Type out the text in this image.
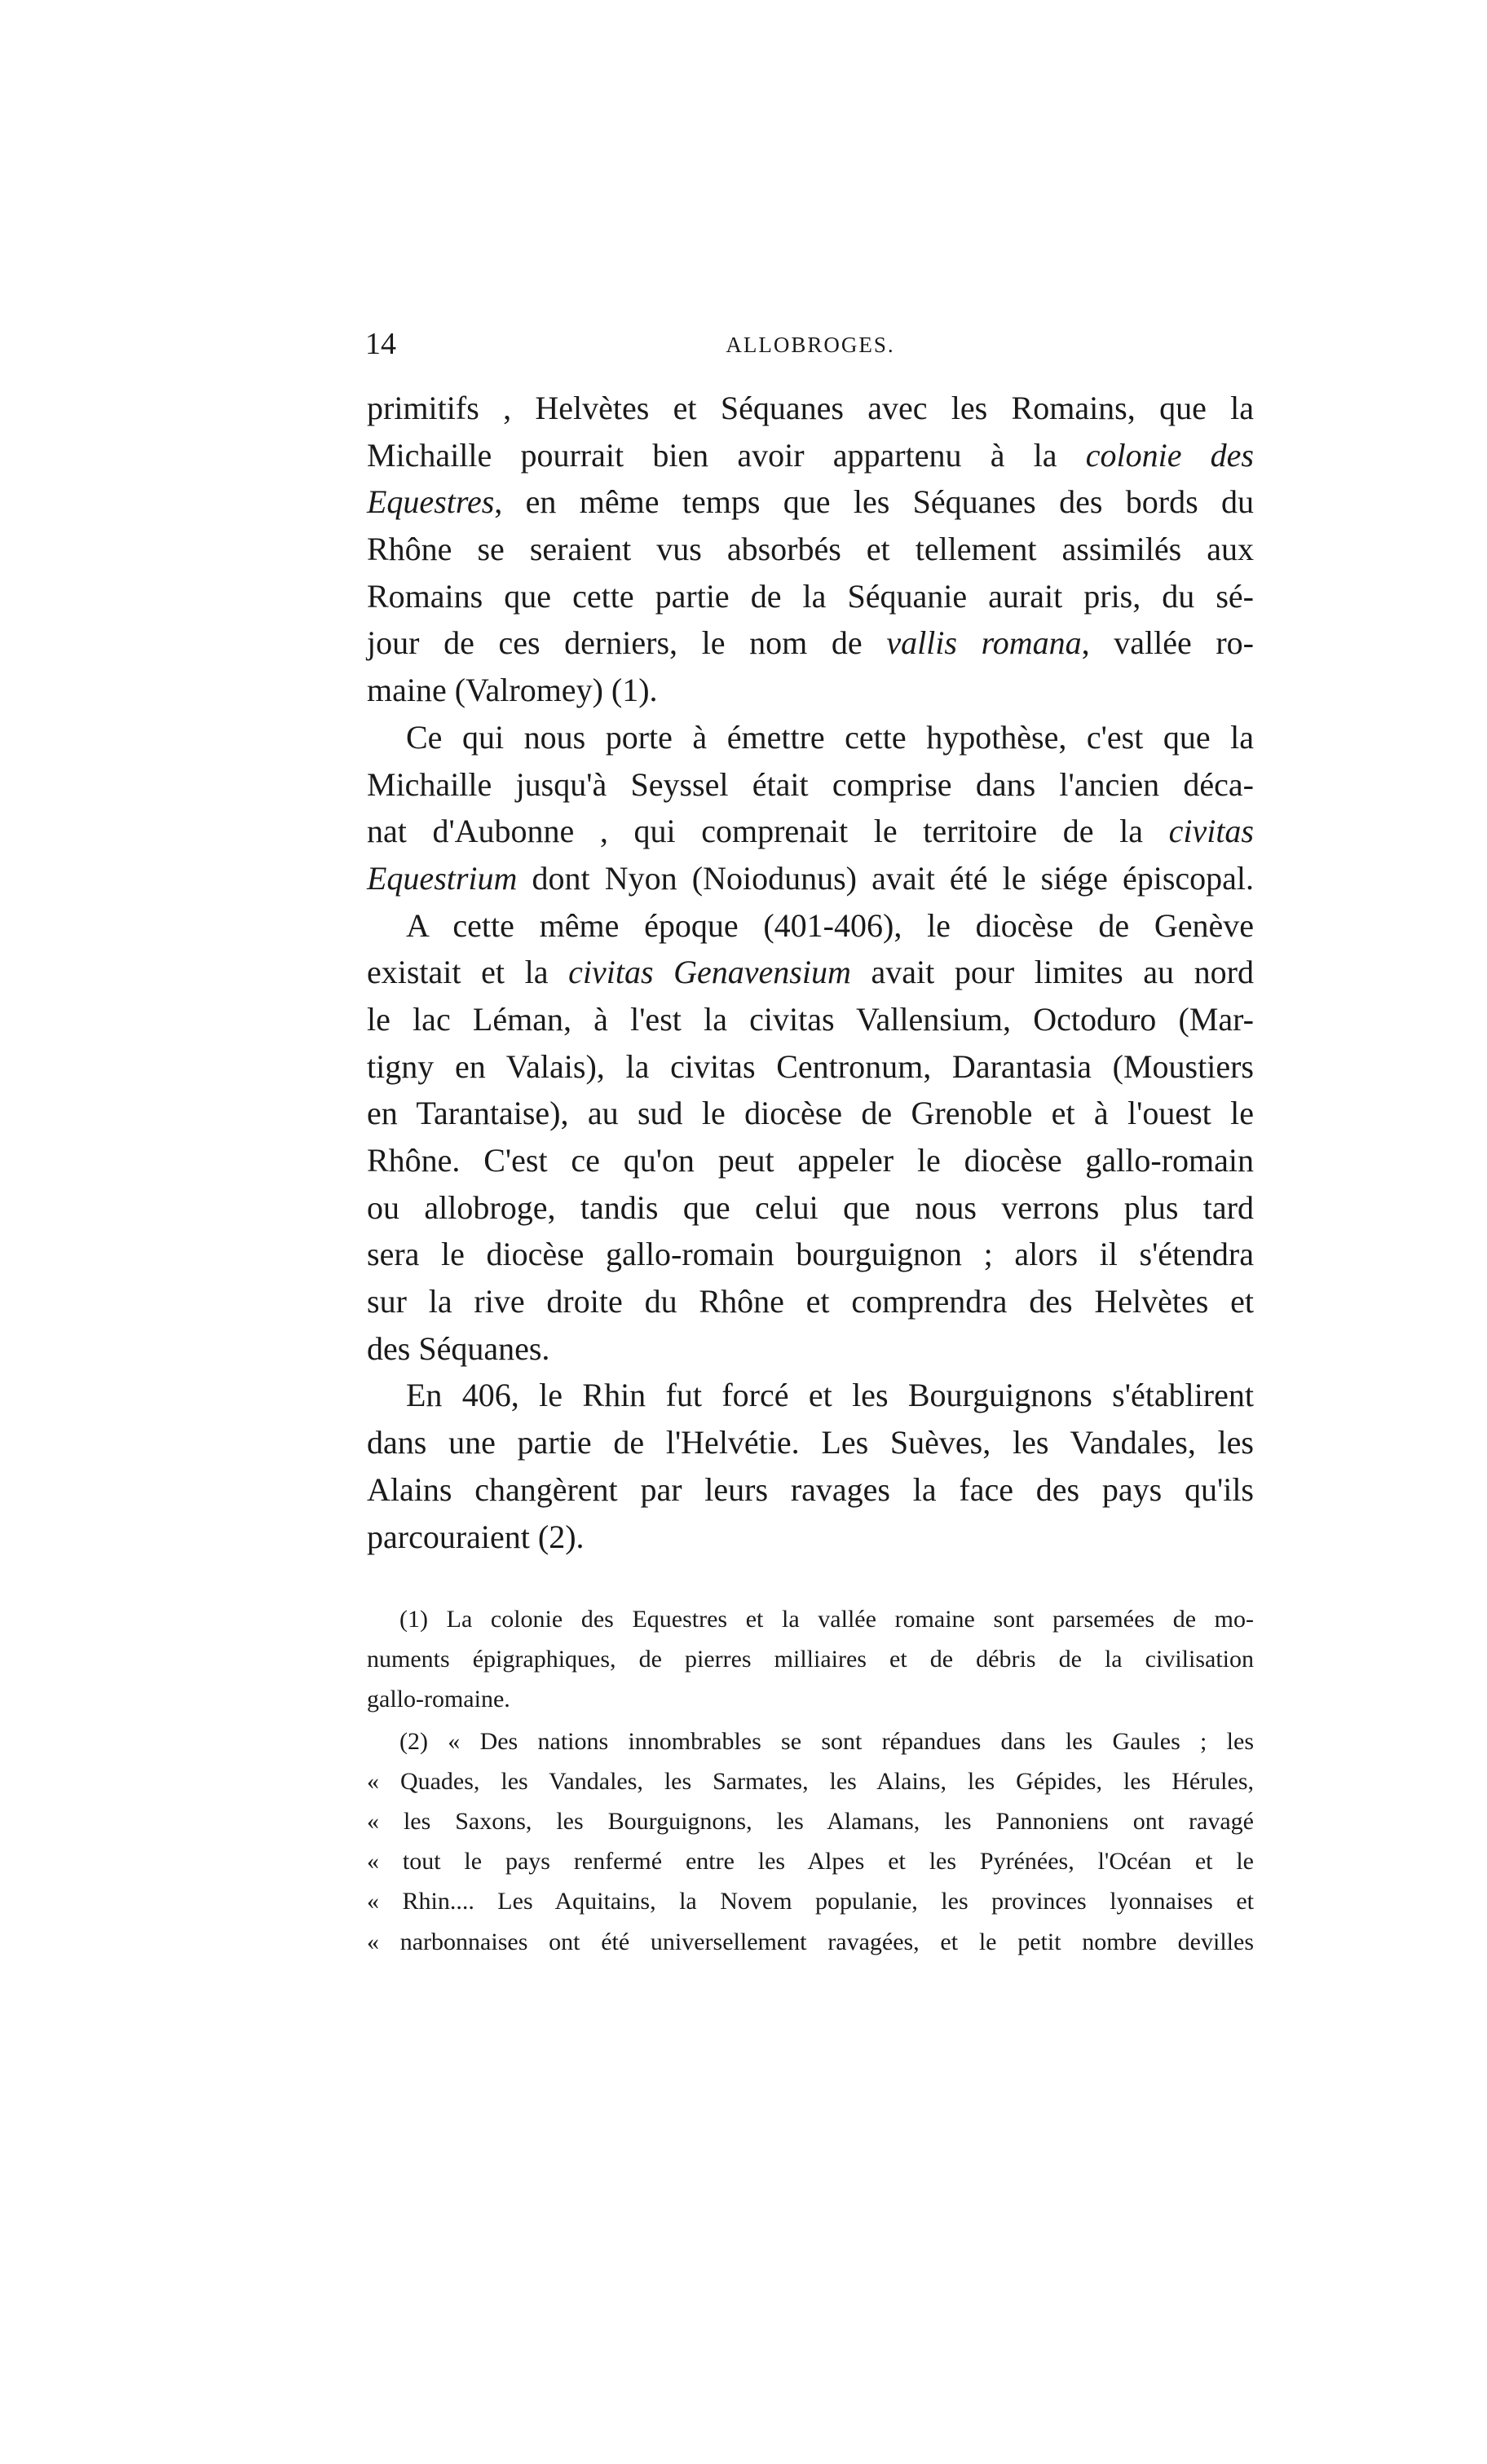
14	ALLOBROGES.
primitifs , Helvètes et Séquanes avec les Romains, que la
Michaille pourrait bien avoir appartenu à la colonie des
Equestres, en même temps que les Séquanes des bords du
Rhône se seraient vus absorbés et tellement assimilés aux
Romains que cette partie de la Séquanie aurait pris, du sé-
jour de ces derniers, le nom de vallis romana, vallée ro-
maine (Valromey) (1).
Ce qui nous porte à émettre cette hypothèse, c'est que la
Michaille jusqu'à Seyssel était comprise dans l'ancien déca-
nat d'Aubonne , qui comprenait le territoire de la civitas
Equestrium dont Nyon (Noiodunus) avait été le siége épiscopal.
A cette même époque (401-406), le diocèse de Genève
existait et la civitas Genavensium avait pour limites au nord
le lac Léman, à l'est la civitas Vallensium, Octoduro (Mar-
tigny en Valais), la civitas Centronum, Darantasia (Moustiers
en Tarantaise), au sud le diocèse de Grenoble et à l'ouest le
Rhône. C'est ce qu'on peut appeler le diocèse gallo-romain
ou allobroge, tandis que celui que nous verrons plus tard
sera le diocèse gallo-romain bourguignon ; alors il s'étendra
sur la rive droite du Rhône et comprendra des Helvètes et
des Séquanes.
En 406, le Rhin fut forcé et les Bourguignons s'établirent
dans une partie de l'Helvétie. Les Suèves, les Vandales, les
Alains changèrent par leurs ravages la face des pays qu'ils
parcouraient (2).
(1) La colonie des Equestres et la vallée romaine sont parsemées de mo-
numents épigraphiques, de pierres milliaires et de débris de la civilisation
gallo-romaine.
(2) « Des nations innombrables se sont répandues dans les Gaules ; les
« Quades, les Vandales, les Sarmates, les Alains, les Gépides, les Hérules,
« les Saxons, les Bourguignons, les Alamans, les Pannoniens ont ravagé
« tout le pays renfermé entre les Alpes et les Pyrénées, l'Océan et le
« Rhin.... Les Aquitains, la Novem populanie, les provinces lyonnaises et
« narbonnaises ont été universellement ravagées, et le petit nombre devilles
